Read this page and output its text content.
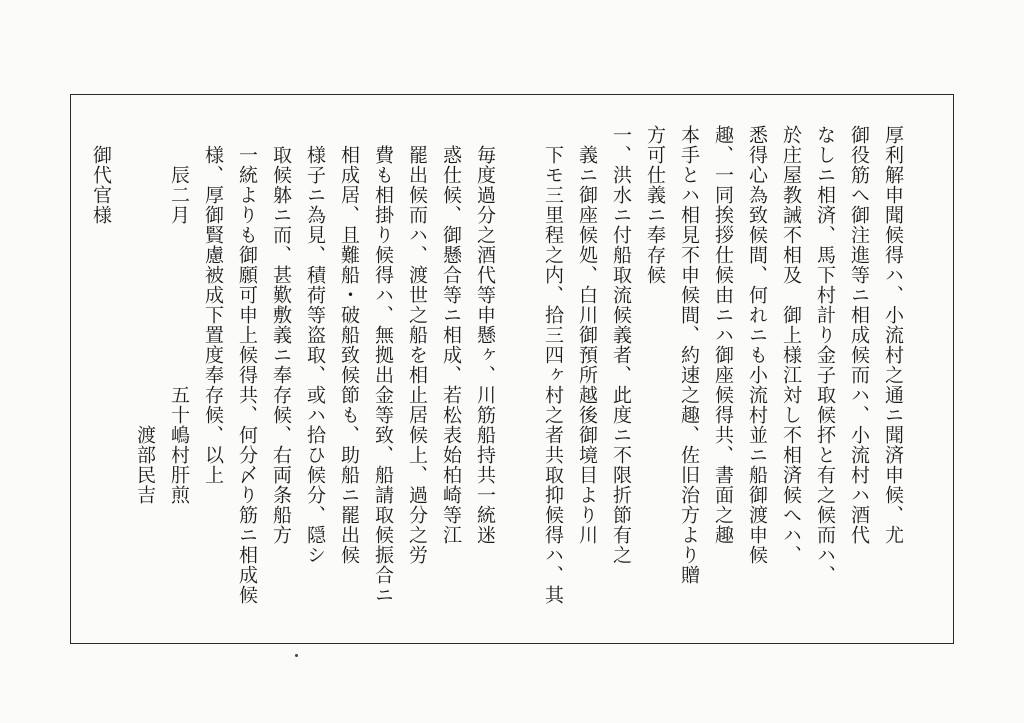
厚利解申聞候得ハ、小流村之通ニ聞済申候、尤
御役筋へ御注進等ニ相成候而ハ、小流村ハ酒代
なしニ相済、馬下村計り金子取候抔と有之候而ハ、
於庄屋教誡不相及　御上様江対し不相済候へハ、
悉得心為致候間、何れニも小流村並ニ船御渡申候
趣、一同挨拶仕候由ニハ御座候得共、書面之趣
本手とハ相見不申候間、約速之趣、佐旧治方より贈
方可仕義ニ奉存候
一、洪水ニ付船取流候義者、此度ニ不限折節有之
義ニ御座候処、白川御預所越後御境目より川
下モ三里程之内、拾三四ヶ村之者共取抑候得ハ、其
毎度過分之酒代等申懸ヶ、川筋船持共一統迷
惑仕候、御懸合等ニ相成、若松表始柏崎等江
罷出候而ハ、渡世之船を相止居候上、過分之労
費も相掛り候得ハ、無拠出金等致、船請取候振合ニ
相成居、且難船・破船致候節も、助船ニ罷出候
様子ニ為見、積荷等盗取、或ハ拾ひ候分、隠シ
取候躰ニ而、甚歎敷義ニ奉存候、右両条船方
一統よりも御願可申上候得共、何分〆り筋ニ相成候
様、厚御賢慮被成下置度奉存候、以上
辰二月　　　　　　　　五十嶋村肝煎
　　　　　　　　　　　　　渡部民吉
御代官様
